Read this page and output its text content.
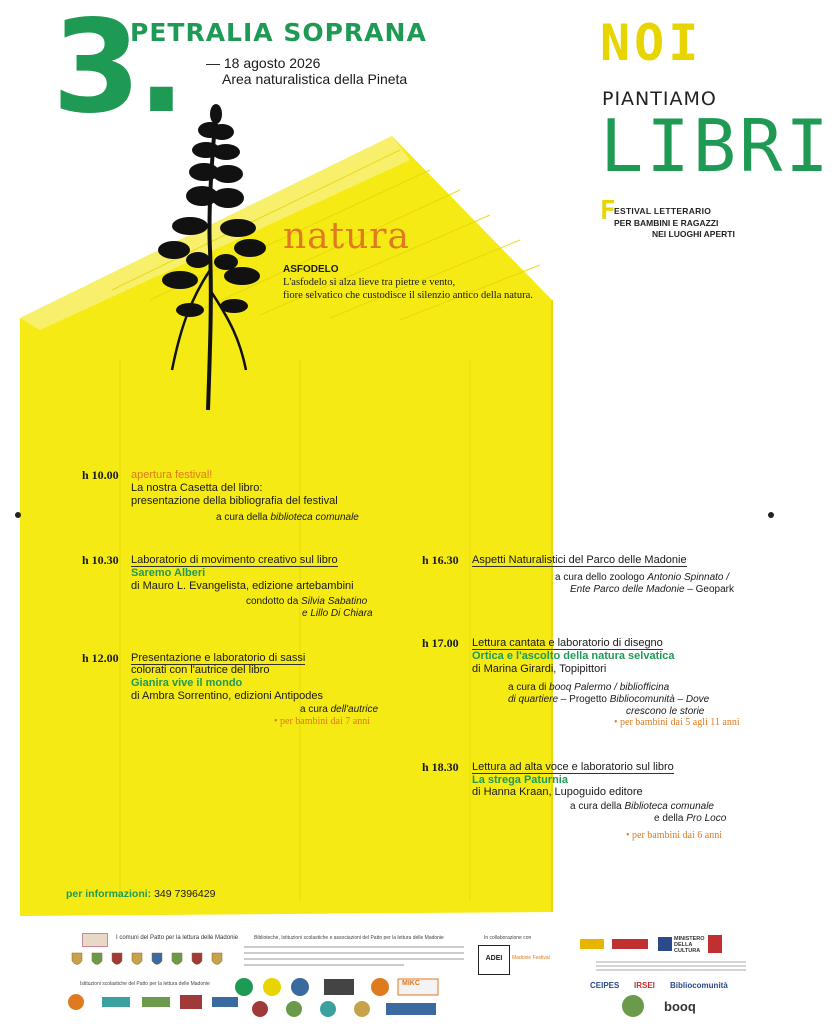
3.
PETRALIA SOPRANA
— 18 agosto 2026
Area naturalistica della Pineta
NOI
PIANTIAMO
LIBRI
F
ESTIVAL LETTERARIO
PER BAMBINI E RAGAZZI
NEI LUOGHI APERTI
natura
ASFODELO
L'asfodelo si alza lieve tra pietre e vento,
fiore selvatico che custodisce il silenzio antico della natura.
h 10.00 apertura festival!
La nostra Casetta del libro:
presentazione della bibliografia del festival
a cura della biblioteca comunale
h 10.30 Laboratorio di movimento creativo sul libro
Saremo Alberi
di Mauro L. Evangelista, edizione artebambini
condotto da Silvia Sabatino
e Lillo Di Chiara
h 12.00 Presentazione e laboratorio di sassi
colorati con l'autrice del libro
Gianira vive il mondo
di Ambra Sorrentino, edizioni Antipodes
a cura dell'autrice
• per bambini dai 7 anni
h 16.30 Aspetti Naturalistici del Parco delle Madonie
a cura dello zoologo Antonio Spinnato /
Ente Parco delle Madonie – Geopark
h 17.00 Lettura cantata e laboratorio di disegno
Ortica e l'ascolto della natura selvatica
di Marina Girardi, Topipittori
a cura di booq Palermo / bibliofficina
di quartiere – Progetto Bibliocomunità – Dove
crescono le storie
• per bambini dai 5 agli 11 anni
h 18.30 Lettura ad alta voce e laboratorio sul libro
La strega Paturnia
di Hanna Kraan, Lupoguido editore
a cura della Biblioteca comunale
e della Pro Loco
• per bambini dai 6 anni
per informazioni: 349 7396429
I comuni del Patto per la lettura delle Madonie
Istituzioni scolastiche del Patto per la lettura delle Madonie
Biblioteche, Istituzioni scolastiche e associazioni del Patto per la lettura delle Madonie
MIKC
In collaborazione con
ADEI	Madonie Festival
MINISTERO DELLA CULTURA
CEIPES IRSEI Bibliocomunità
booq
